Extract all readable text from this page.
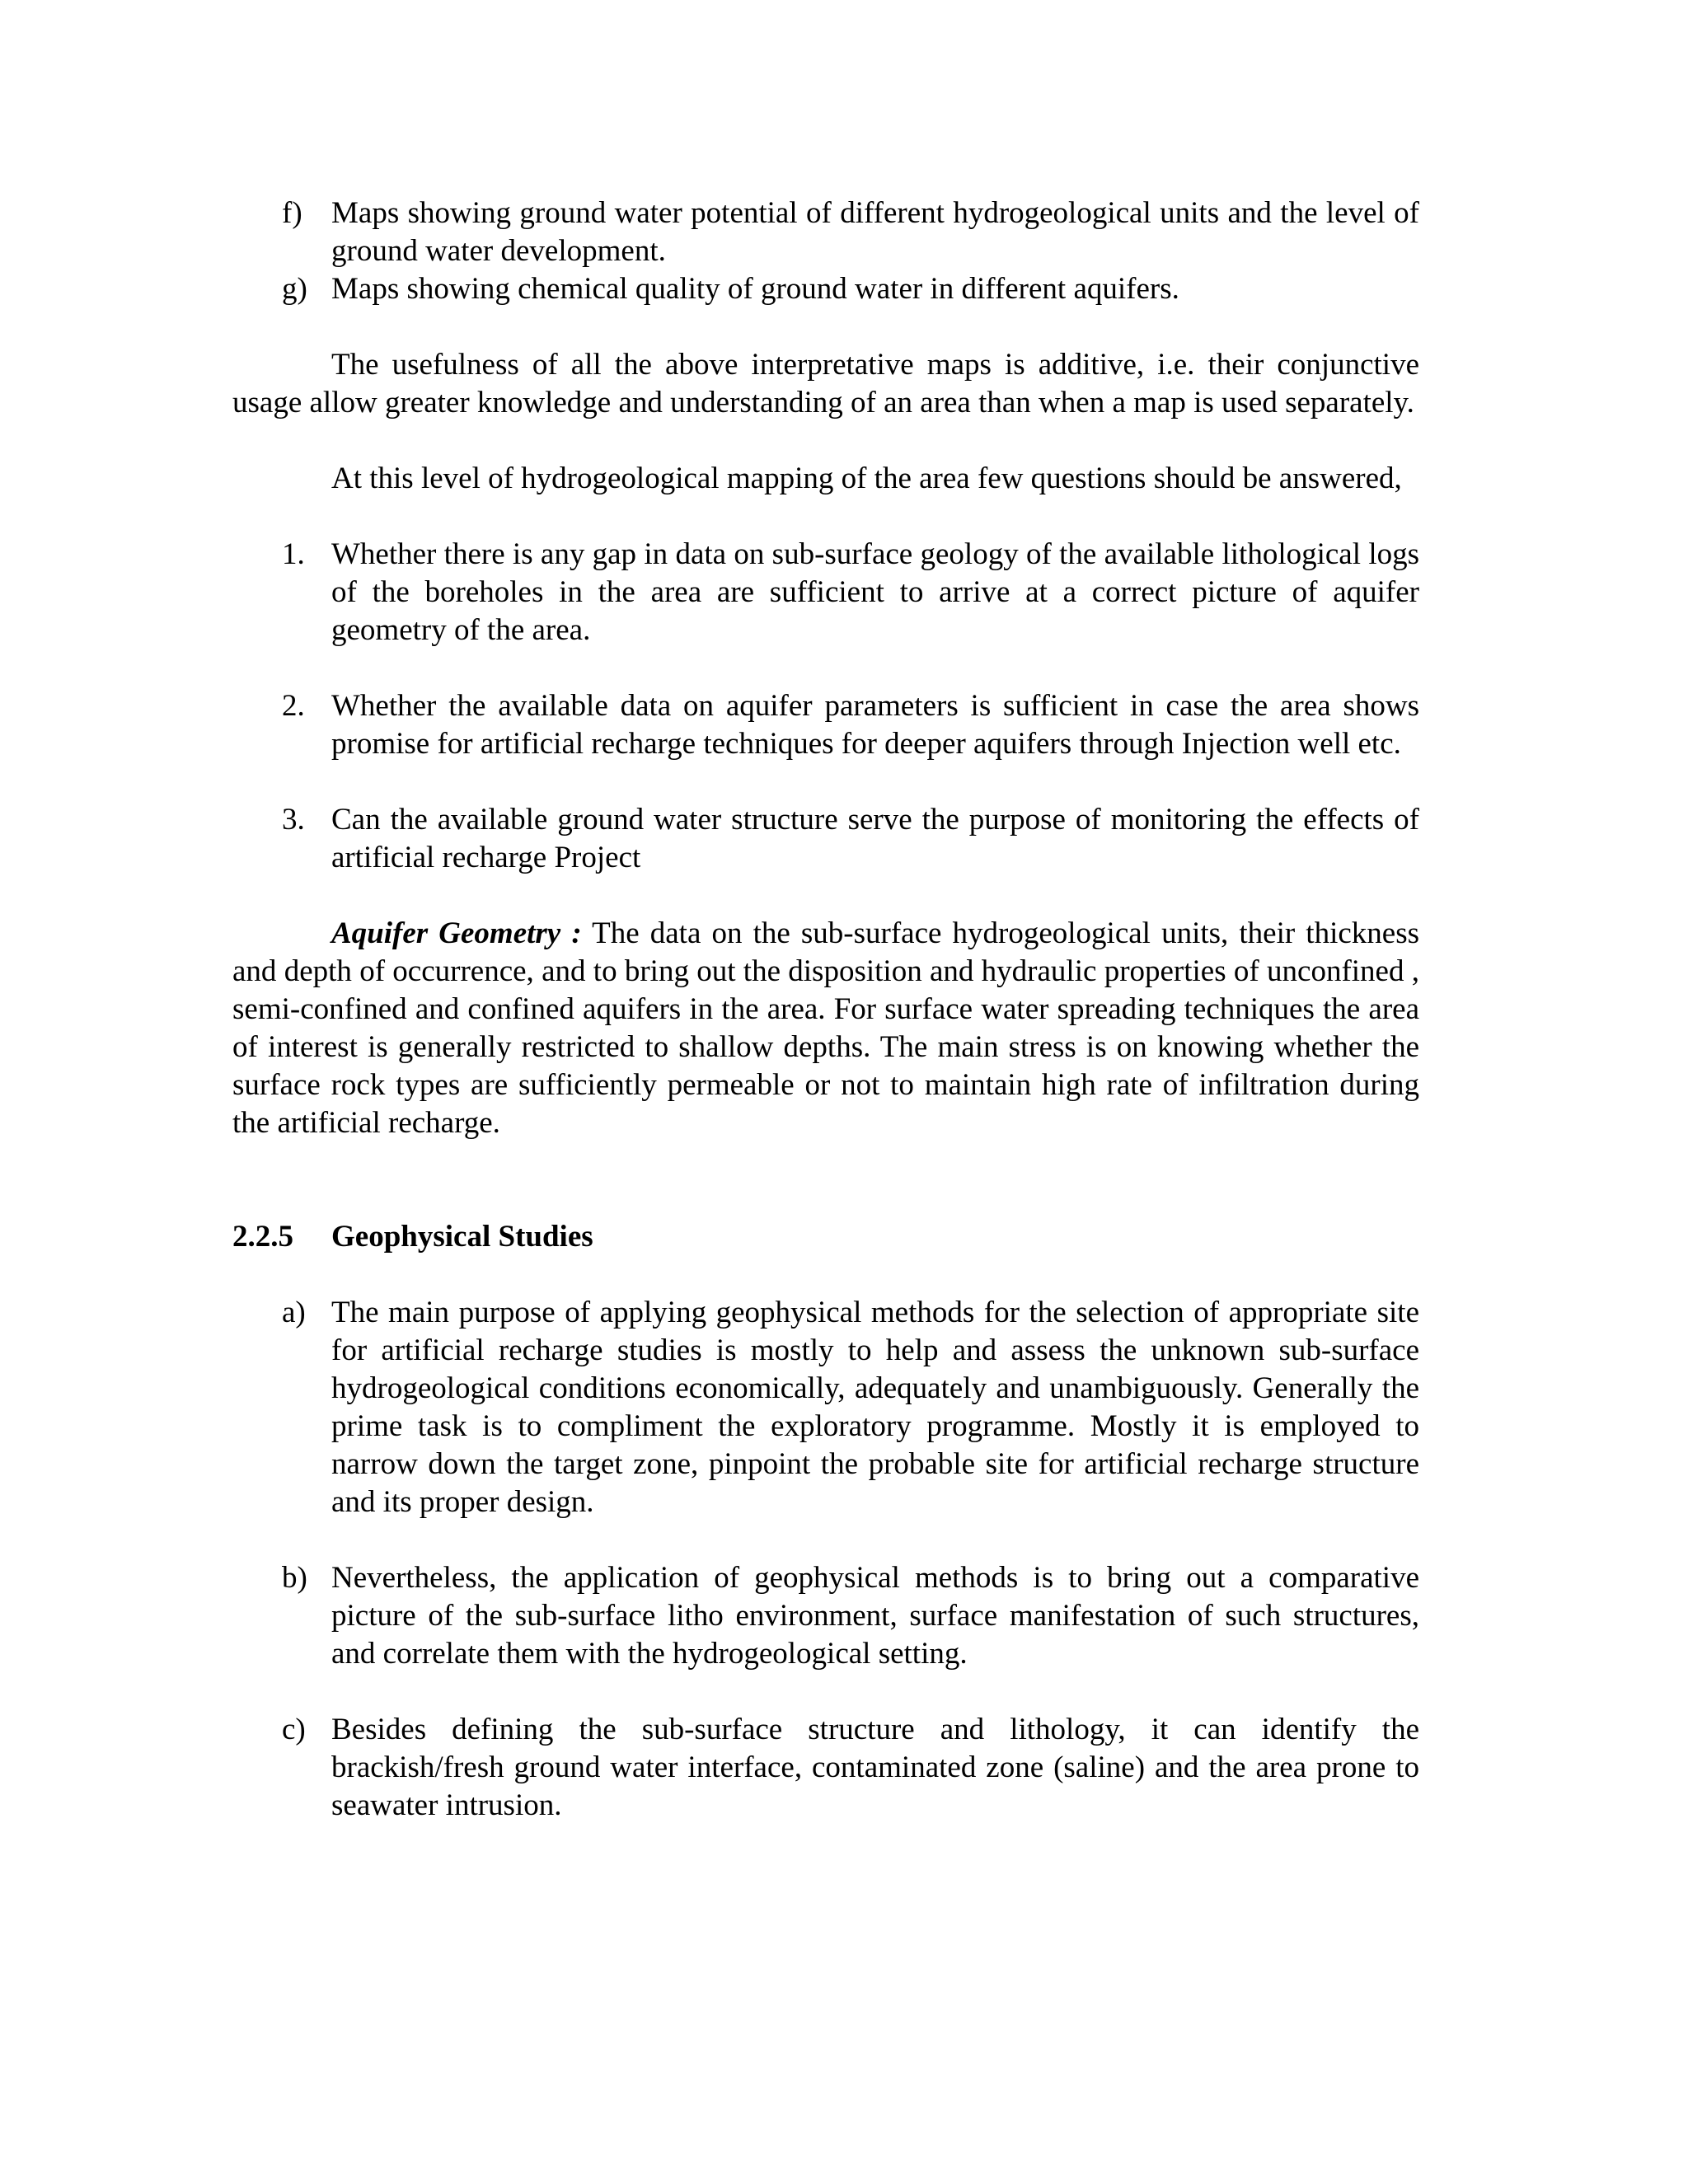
f) Maps showing ground water potential of different hydrogeological units and the level of ground water development.
g) Maps showing chemical quality of ground water in different aquifers.

The usefulness of all the above interpretative maps is additive, i.e. their conjunctive usage allow greater knowledge and understanding of an area than when a map is used separately.

At this level of hydrogeological mapping of the area few questions should be answered,

1. Whether there is any gap in data on sub-surface geology of the available lithological logs of the boreholes in the area are sufficient to arrive at a correct picture of aquifer geometry of the area.
2. Whether the available data on aquifer parameters is sufficient in case the area shows promise for artificial recharge techniques for deeper aquifers through Injection well etc.
3. Can the available ground water structure serve the purpose of monitoring the effects of artificial recharge Project

Aquifer Geometry : The data on the sub-surface hydrogeological units, their thickness and depth of occurrence, and to bring out the disposition and hydraulic properties of unconfined , semi-confined and confined aquifers in the area. For surface water spreading techniques the area of interest is generally restricted to shallow depths. The main stress is on knowing whether the surface rock types are sufficiently permeable or not to maintain high rate of infiltration during the artificial recharge.

2.2.5 Geophysical Studies
a) The main purpose of applying geophysical methods for the selection of appropriate site for artificial recharge studies is mostly to help and assess the unknown sub-surface hydrogeological conditions economically, adequately and unambiguously. Generally the prime task is to compliment the exploratory programme. Mostly it is employed to narrow down the target zone, pinpoint the probable site for artificial recharge structure and its proper design.
b) Nevertheless, the application of geophysical methods is to bring out a comparative picture of the sub-surface litho environment, surface manifestation of such structures, and correlate them with the hydrogeological setting.
c) Besides defining the sub-surface structure and lithology, it can identify the brackish/fresh ground water interface, contaminated zone (saline) and the area prone to seawater intrusion.
